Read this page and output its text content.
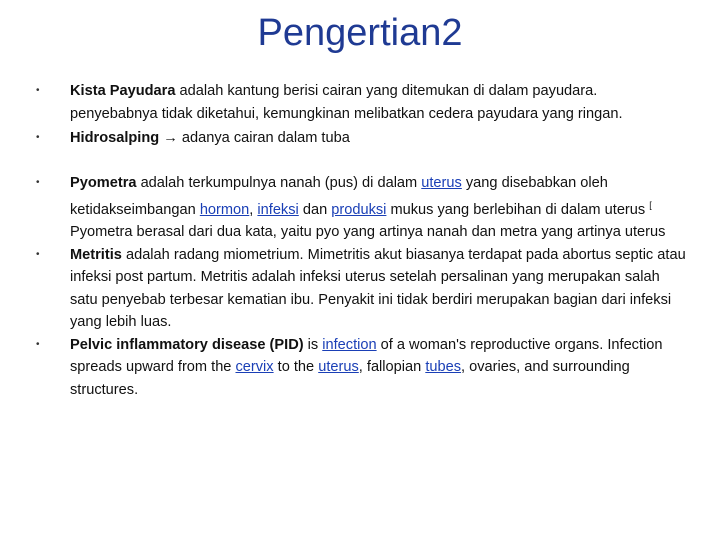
Pengertian2
• Kista Payudara adalah kantung berisi cairan yang ditemukan di dalam payudara. penyebabnya tidak diketahui, kemungkinan melibatkan cedera payudara yang ringan.
• Hidrosalping → adanya cairan dalam tuba
• Pyometra adalah terkumpulnya nanah (pus) di dalam uterus yang disebabkan oleh ketidakseimbangan hormon, infeksi dan produksi mukus yang berlebihan di dalam uterus [ Pyometra berasal dari dua kata, yaitu pyo yang artinya nanah dan metra yang artinya uterus
• Metritis adalah radang miometrium. Mimetritis akut biasanya terdapat pada abortus septic atau infeksi post partum. Metritis adalah infeksi uterus setelah persalinan yang merupakan salah satu penyebab terbesar kematian ibu. Penyakit ini tidak berdiri merupakan bagian dari infeksi yang lebih luas.
• Pelvic inflammatory disease (PID) is infection of a woman's reproductive organs. Infection spreads upward from the cervix to the uterus, fallopian tubes, ovaries, and surrounding structures.
